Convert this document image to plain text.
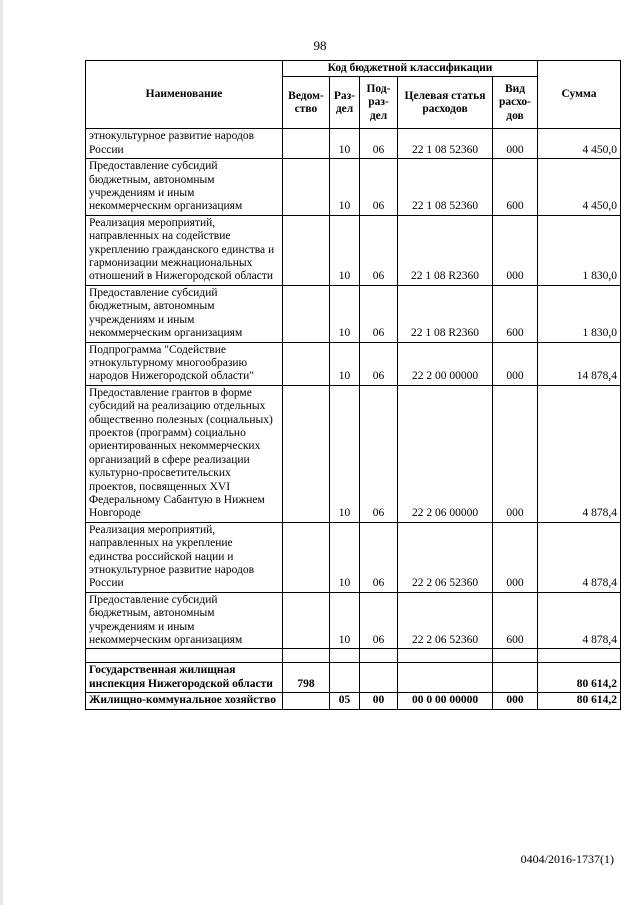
98
Наименование	Код бюджетной классификации					Сумма
	Ведом-ство	Раз-дел	Под-раз-дел	Целевая статья расходов	Вид расхо-дов	
этнокультурное развитие народов России		10	06	22 1 08 52360	000	4 450,0
Предоставление субсидий бюджетным, автономным учреждениям и иным некоммерческим организациям		10	06	22 1 08 52360	600	4 450,0
Реализация мероприятий, направленных на содействие укреплению гражданского единства и гармонизации межнациональных отношений в Нижегородской области		10	06	22 1 08 R2360	000	1 830,0
Предоставление субсидий бюджетным, автономным учреждениям и иным некоммерческим организациям		10	06	22 1 08 R2360	600	1 830,0
Подпрограмма "Содействие этнокультурному многообразию народов Нижегородской области"		10	06	22 2 00 00000	000	14 878,4
Предоставление грантов в форме субсидий на реализацию отдельных общественно полезных (социальных) проектов (программ) социально ориентированных некоммерческих организаций в сфере реализации культурно-просветительских проектов, посвященных XVI Федеральному Сабантую в Нижнем Новгороде		10	06	22 2 06 00000	000	4 878,4
Реализация мероприятий, направленных на укрепление единства российской нации и этнокультурное развитие народов России		10	06	22 2 06 52360	000	4 878,4
Предоставление субсидий бюджетным, автономным учреждениям и иным некоммерческим организациям		10	06	22 2 06 52360	600	4 878,4

Государственная жилищная инспекция Нижегородской области	798					80 614,2
Жилищно-коммунальное хозяйство		05	00	00 0 00 00000	000	80 614,2
0404/2016-1737(1)
